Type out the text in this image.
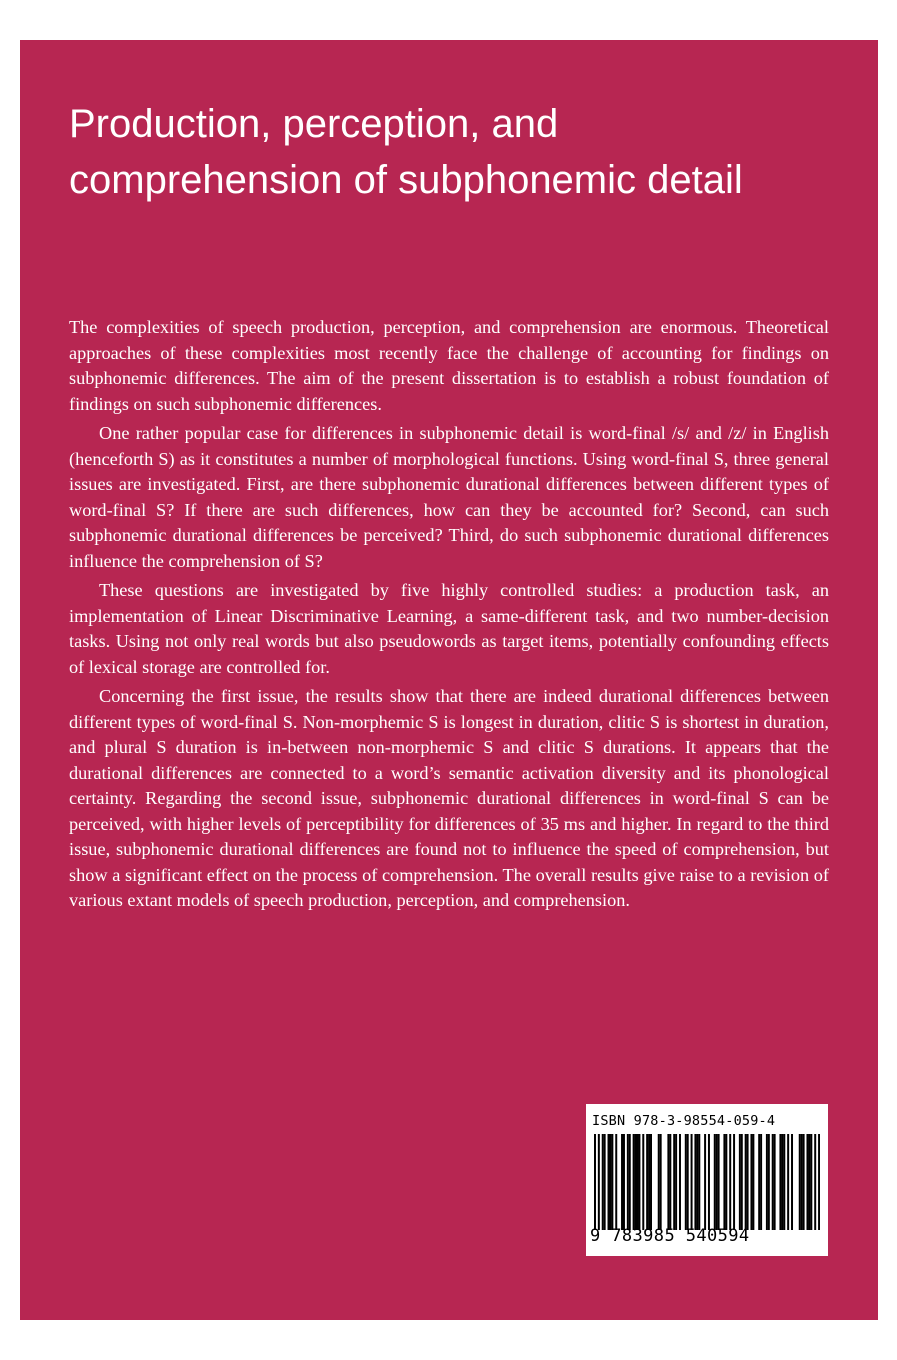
Production, perception, and comprehension of subphonemic detail

The complexities of speech production, perception, and comprehension are enormous. Theoretical approaches of these complexities most recently face the challenge of accounting for findings on subphonemic differences. The aim of the present dissertation is to establish a robust foundation of findings on such subphonemic differences.

One rather popular case for differences in subphonemic detail is word-final /s/ and /z/ in English (henceforth S) as it constitutes a number of morphological functions. Using word-final S, three general issues are investigated. First, are there subphonemic durational differences between different types of word-final S? If there are such differences, how can they be accounted for? Second, can such subphonemic durational differences be perceived? Third, do such subphonemic durational differences influence the comprehension of S?

These questions are investigated by five highly controlled studies: a production task, an implementation of Linear Discriminative Learning, a same-different task, and two number-decision tasks. Using not only real words but also pseudowords as target items, potentially confounding effects of lexical storage are controlled for.

Concerning the first issue, the results show that there are indeed durational differences between different types of word-final S. Non-morphemic S is longest in duration, clitic S is shortest in duration, and plural S duration is in-between non-morphemic S and clitic S durations. It appears that the durational differences are connected to a word’s semantic activation diversity and its phonological certainty. Regarding the second issue, subphonemic durational differences in word-final S can be perceived, with higher levels of perceptibility for differences of 35 ms and higher. In regard to the third issue, subphonemic durational differences are found not to influence the speed of comprehension, but show a significant effect on the process of comprehension. The overall results give raise to a revision of various extant models of speech production, perception, and comprehension.

ISBN 978-3-98554-059-4
9 783985 540594
